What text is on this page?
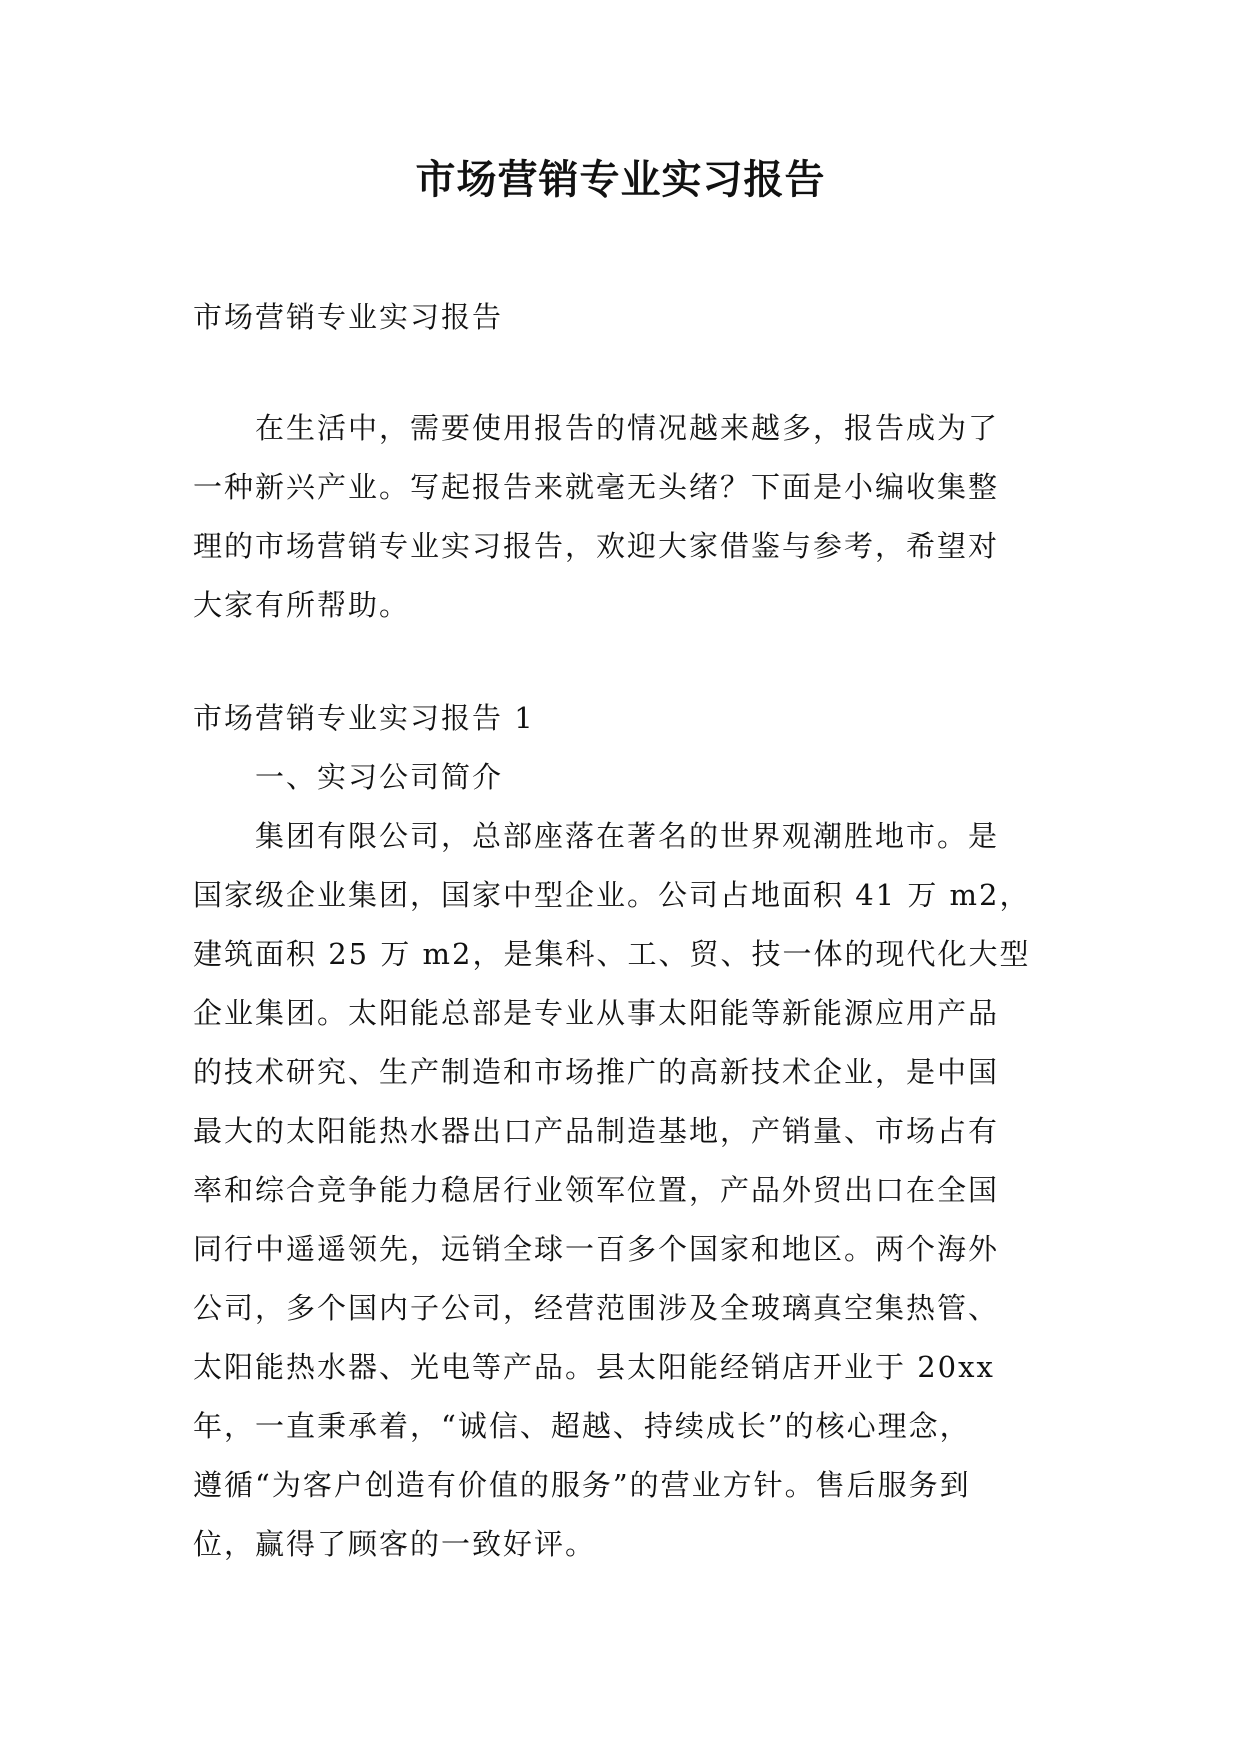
市场营销专业实习报告
市场营销专业实习报告
在生活中，需要使用报告的情况越来越多，报告成为了
一种新兴产业。写起报告来就毫无头绪？下面是小编收集整
理的市场营销专业实习报告，欢迎大家借鉴与参考，希望对
大家有所帮助。
市场营销专业实习报告 1
一、实习公司简介
集团有限公司，总部座落在著名的世界观潮胜地市。是
国家级企业集团，国家中型企业。公司占地面积 41 万 m2，
建筑面积 25 万 m2，是集科、工、贸、技一体的现代化大型
企业集团。太阳能总部是专业从事太阳能等新能源应用产品
的技术研究、生产制造和市场推广的高新技术企业，是中国
最大的太阳能热水器出口产品制造基地，产销量、市场占有
率和综合竞争能力稳居行业领军位置，产品外贸出口在全国
同行中遥遥领先，远销全球一百多个国家和地区。两个海外
公司，多个国内子公司，经营范围涉及全玻璃真空集热管、
太阳能热水器、光电等产品。县太阳能经销店开业于 20xx
年，一直秉承着，“诚信、超越、持续成长”的核心理念，
遵循“为客户创造有价值的服务”的营业方针。售后服务到
位，赢得了顾客的一致好评。
